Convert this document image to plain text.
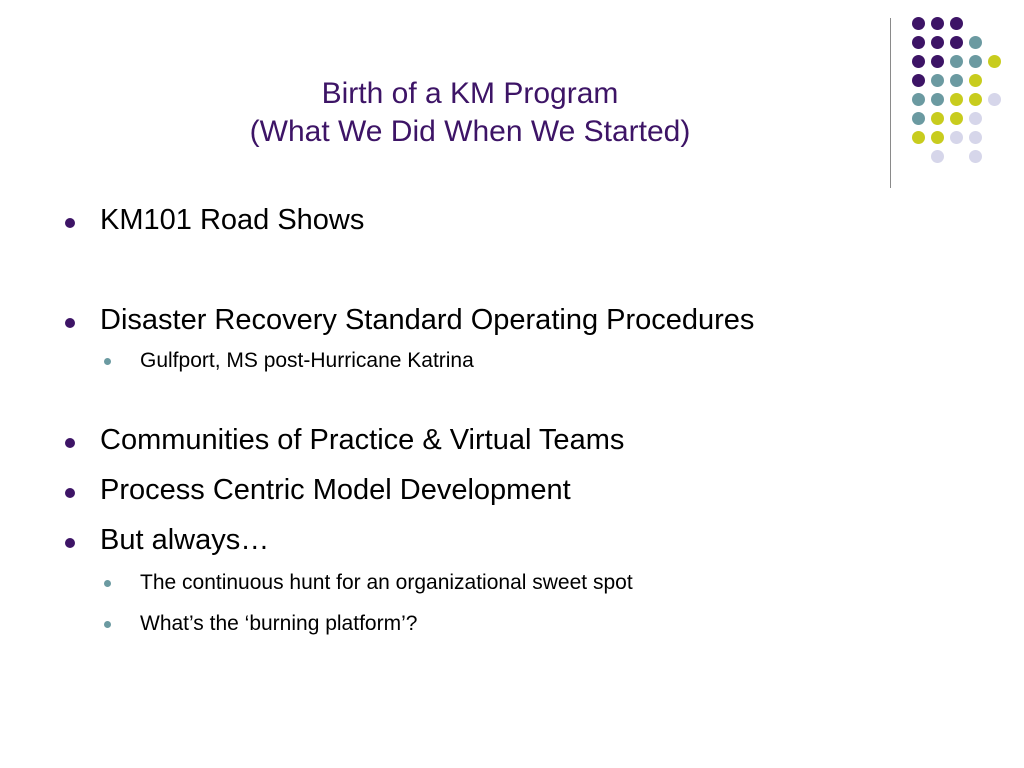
Birth of a KM Program
(What We Did When We Started)
KM101 Road Shows
Disaster Recovery Standard Operating Procedures
Gulfport, MS post-Hurricane Katrina
Communities of Practice & Virtual Teams
Process Centric Model Development
But always…
The continuous hunt for an organizational sweet spot
What’s the ‘burning platform’?
